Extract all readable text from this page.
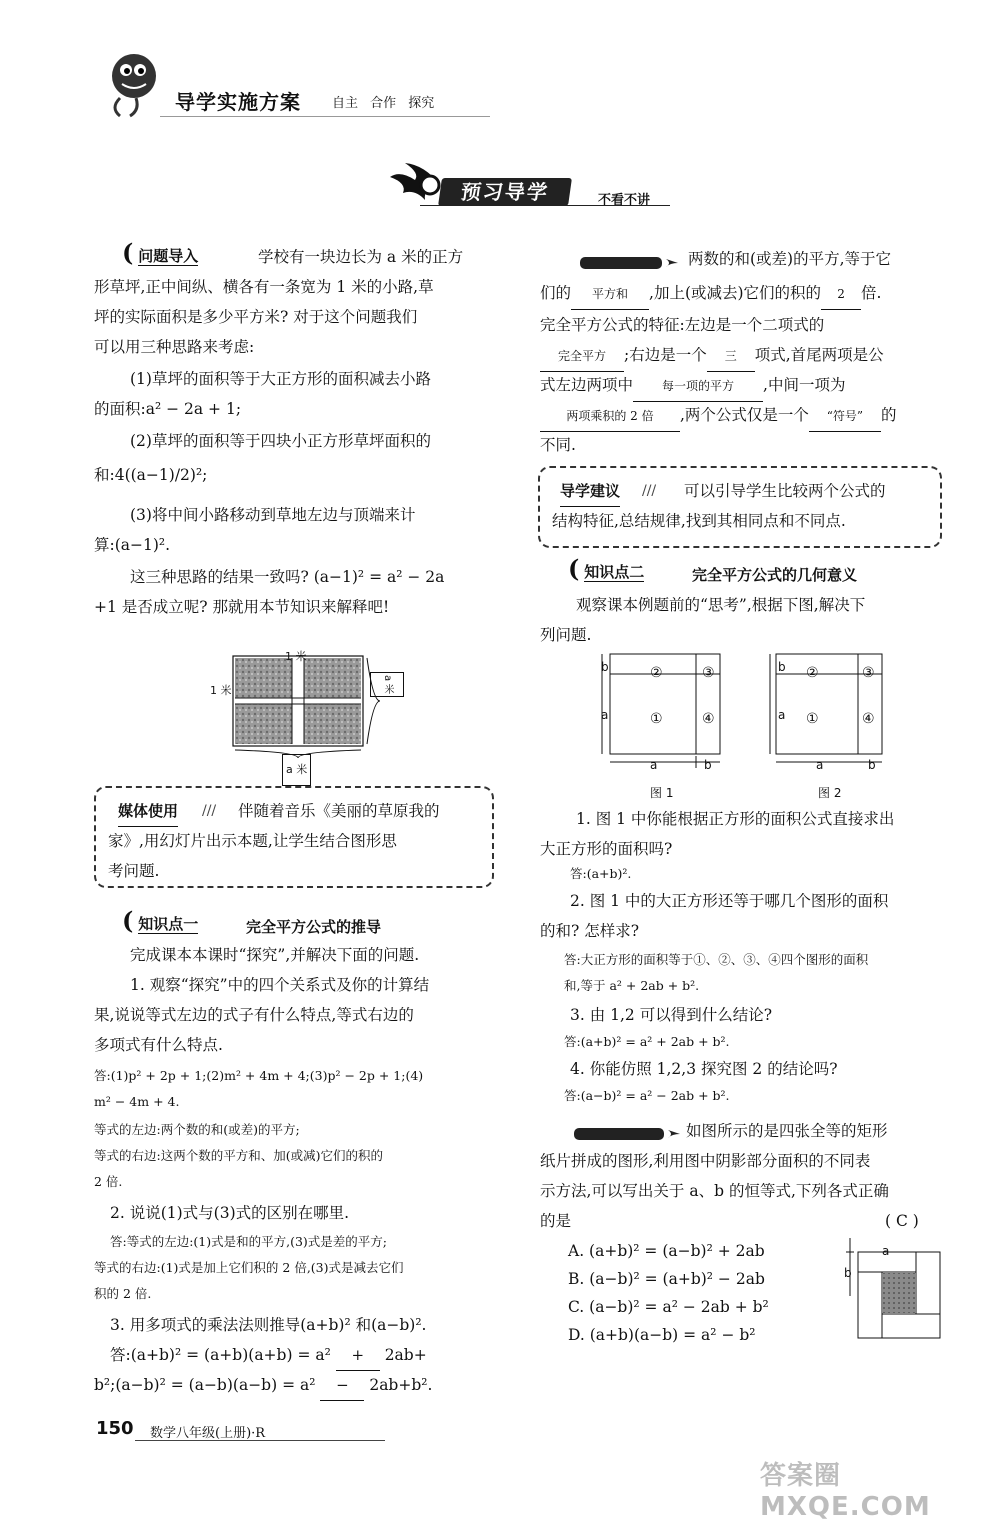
导学实施方案 自主 合作 探究
预习导学	不看不讲
( 问题导入	学校有一块边长为 a 米的正方
形草坪,正中间纵、横各有一条宽为 1 米的小路,草
坪的实际面积是多少平方米? 对于这个问题我们
可以用三种思路来考虑:
(1)草坪的面积等于大正方形的面积减去小路
的面积:a² − 2a + 1;
(2)草坪的面积等于四块小正方形草坪面积的
和:4((a−1)/2)²;
(3)将中间小路移动到草地左边与顶端来计
算:(a−1)².
这三种思路的结果一致吗? (a−1)² = a² − 2a
+1 是否成立呢? 那就用本节知识来解释吧!
1 米
1 米
a 米
a 米
媒体使用 /// 伴随着音乐《美丽的草原我的
家》,用幻灯片出示本题,让学生结合图形思
考问题.
( 知识点一	完全平方公式的推导
完成课本本课时“探究”,并解决下面的问题.
1. 观察“探究”中的四个关系式及你的计算结
果,说说等式左边的式子有什么特点,等式右边的
多项式有什么特点.
答:(1)p² + 2p + 1;(2)m² + 4m + 4;(3)p² − 2p + 1;(4)
m² − 4m + 4.
等式的左边:两个数的和(或差)的平方;
等式的右边:这两个数的平方和、加(或减)它们的积的
2 倍.
2. 说说(1)式与(3)式的区别在哪里.
答:等式的左边:(1)式是和的平方,(3)式是差的平方;
等式的右边:(1)式是加上它们积的 2 倍,(3)式是减去它们
积的 2 倍.
3. 用多项式的乘法法则推导(a+b)² 和(a−b)².
答:(a+b)² = (a+b)(a+b) = a² + 2ab+
b²;(a−b)² = (a−b)(a−b) = a² − 2ab+b².
两数的和(或差)的平方,等于它
们的 平方和 ,加上(或减去)它们的积的 2 倍.
完全平方公式的特征:左边是一个二项式的
完全平方 ;右边是一个 三 项式,首尾两项是公
式左边两项中 每一项的平方 ,中间一项为
两项乘积的 2 倍 ,两个公式仅是一个 “符号” 的
不同.
导学建议 /// 可以引导学生比较两个公式的
结构特征,总结规律,找到其相同点和不同点.
( 知识点二	完全平方公式的几何意义
观察课本例题前的“思考”,根据下图,解决下
列问题.
b
a
a	b
②	③
①	④
图 1
b
a
a	b
②	③
①	④
图 2
1. 图 1 中你能根据正方形的面积公式直接求出
大正方形的面积吗?
答:(a+b)².
2. 图 1 中的大正方形还等于哪几个图形的面积
的和? 怎样求?
答:大正方形的面积等于①、②、③、④四个图形的面积
和,等于 a² + 2ab + b².
3. 由 1,2 可以得到什么结论?
答:(a+b)² = a² + 2ab + b².
4. 你能仿照 1,2,3 探究图 2 的结论吗?
答:(a−b)² = a² − 2ab + b².
如图所示的是四张全等的矩形
纸片拼成的图形,利用图中阴影部分面积的不同表
示方法,可以写出关于 a、b 的恒等式,下列各式正确
的是	( C )
A. (a+b)² = (a−b)² + 2ab
B. (a−b)² = (a+b)² − 2ab
C. (a−b)² = a² − 2ab + b²
D. (a+b)(a−b) = a² − b²
a
b
150 数学八年级(上册)·R
答案圈 MXQE.COM
